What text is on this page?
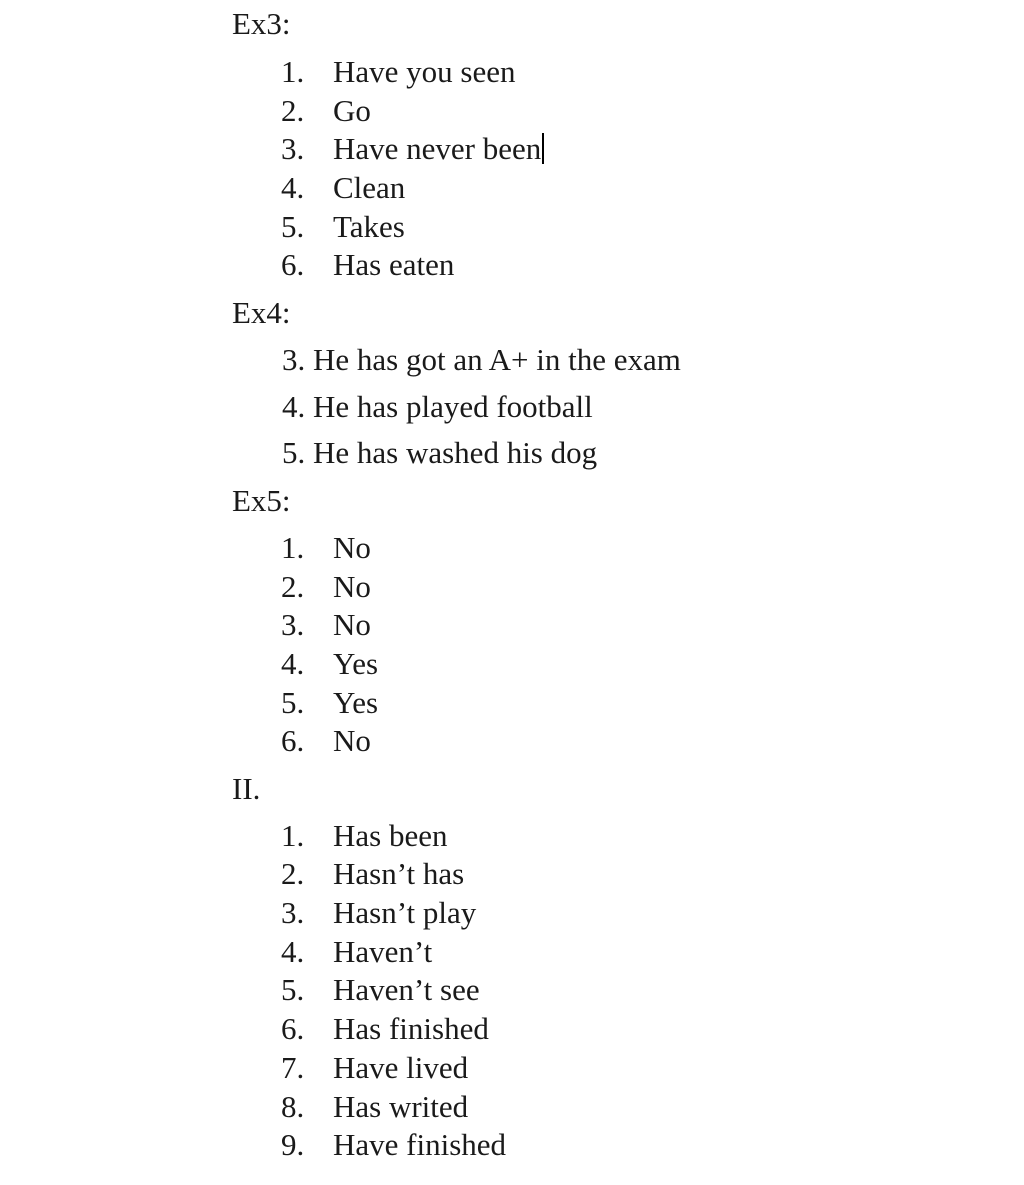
Ex3:
1. Have you seen
2. Go
3. Have never been
4. Clean
5. Takes
6. Has eaten
Ex4:
3. He has got an A+ in the exam
4. He has played football
5. He has washed his dog
Ex5:
1. No
2. No
3. No
4. Yes
5. Yes
6. No
II.
1. Has been
2. Hasn’t has
3. Hasn’t play
4. Haven’t
5. Haven’t see
6. Has finished
7. Have lived
8. Has writed
9. Have finished
